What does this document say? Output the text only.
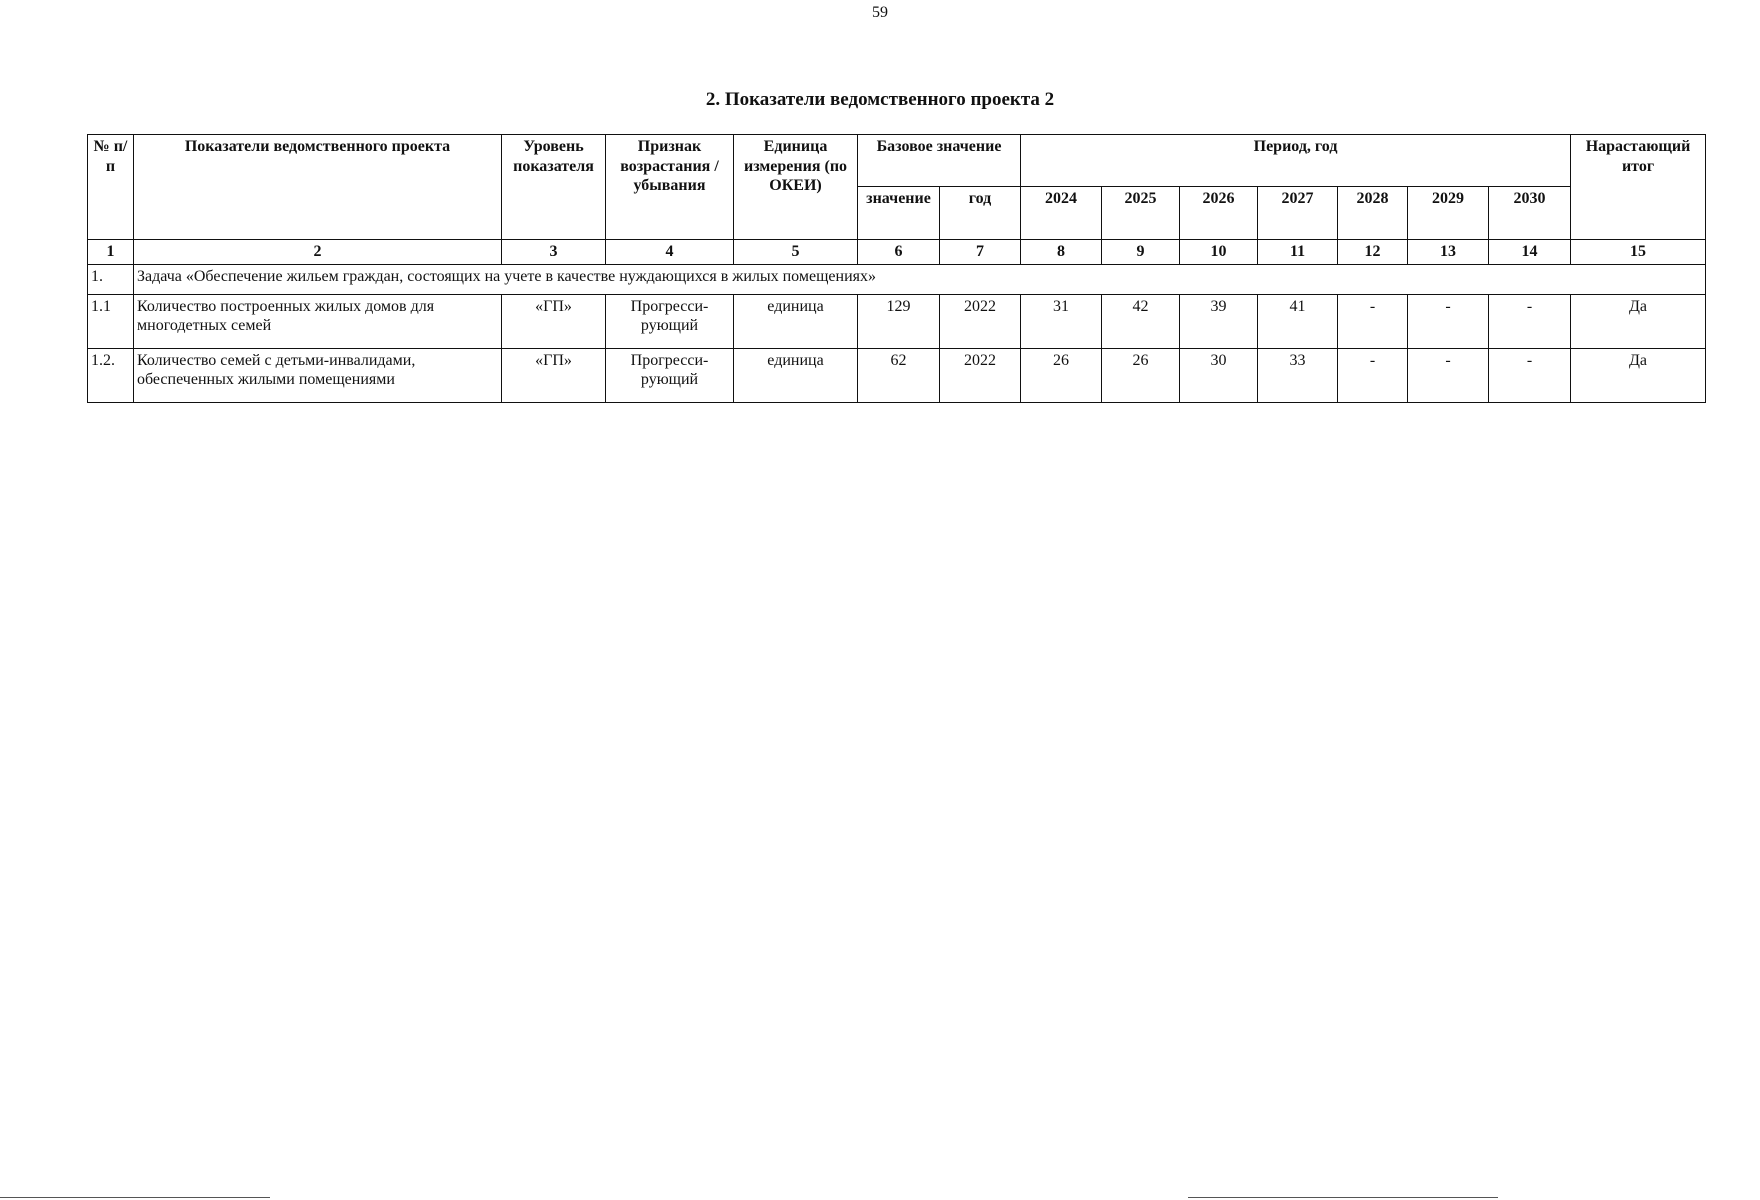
59
2. Показатели ведомственного проекта 2
№ п/п	Показатели ведомственного проекта	Уровень показателя	Признак возрастания / убывания	Единица измерения (по ОКЕИ)	Базовое значение		Период, год							Нарастающий итог
					значение	год	2024	2025	2026	2027	2028	2029	2030	
1	2	3	4	5	6	7	8	9	10	11	12	13	14	15
1.	Задача «Обеспечение жильем граждан, состоящих на учете в качестве нуждающихся в жилых помещениях»													
1.1	Количество построенных жилых домов для многодетных семей	«ГП»	Прогресси-рующий	единица	129	2022	31	42	39	41	-	-	-	Да
1.2.	Количество семей с детьми-инвалидами, обеспеченных жилыми помещениями	«ГП»	Прогресси-рующий	единица	62	2022	26	26	30	33	-	-	-	Да
